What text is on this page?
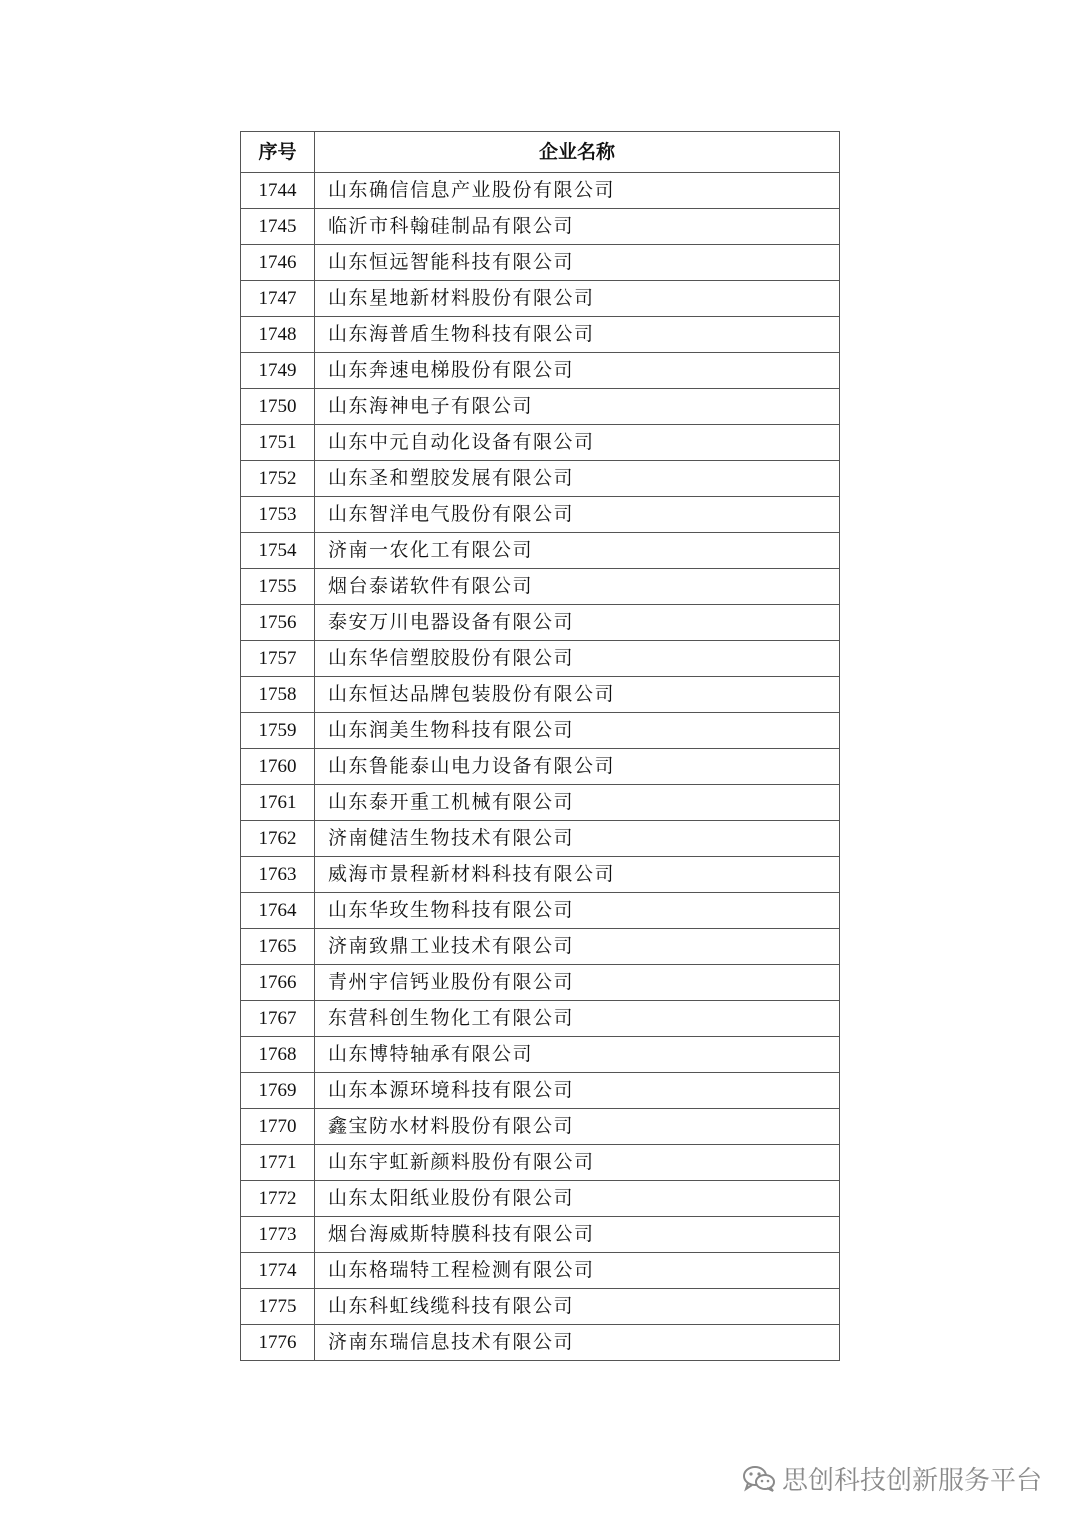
序号	企业名称
1744	山东确信信息产业股份有限公司
1745	临沂市科翰硅制品有限公司
1746	山东恒远智能科技有限公司
1747	山东星地新材料股份有限公司
1748	山东海普盾生物科技有限公司
1749	山东奔速电梯股份有限公司
1750	山东海神电子有限公司
1751	山东中元自动化设备有限公司
1752	山东圣和塑胶发展有限公司
1753	山东智洋电气股份有限公司
1754	济南一农化工有限公司
1755	烟台泰诺软件有限公司
1756	泰安万川电器设备有限公司
1757	山东华信塑胶股份有限公司
1758	山东恒达品牌包装股份有限公司
1759	山东润美生物科技有限公司
1760	山东鲁能泰山电力设备有限公司
1761	山东泰开重工机械有限公司
1762	济南健洁生物技术有限公司
1763	威海市景程新材料科技有限公司
1764	山东华玫生物科技有限公司
1765	济南致鼎工业技术有限公司
1766	青州宇信钙业股份有限公司
1767	东营科创生物化工有限公司
1768	山东博特轴承有限公司
1769	山东本源环境科技有限公司
1770	鑫宝防水材料股份有限公司
1771	山东宇虹新颜料股份有限公司
1772	山东太阳纸业股份有限公司
1773	烟台海威斯特膜科技有限公司
1774	山东格瑞特工程检测有限公司
1775	山东科虹线缆科技有限公司
1776	济南东瑞信息技术有限公司
思创科技创新服务平台
